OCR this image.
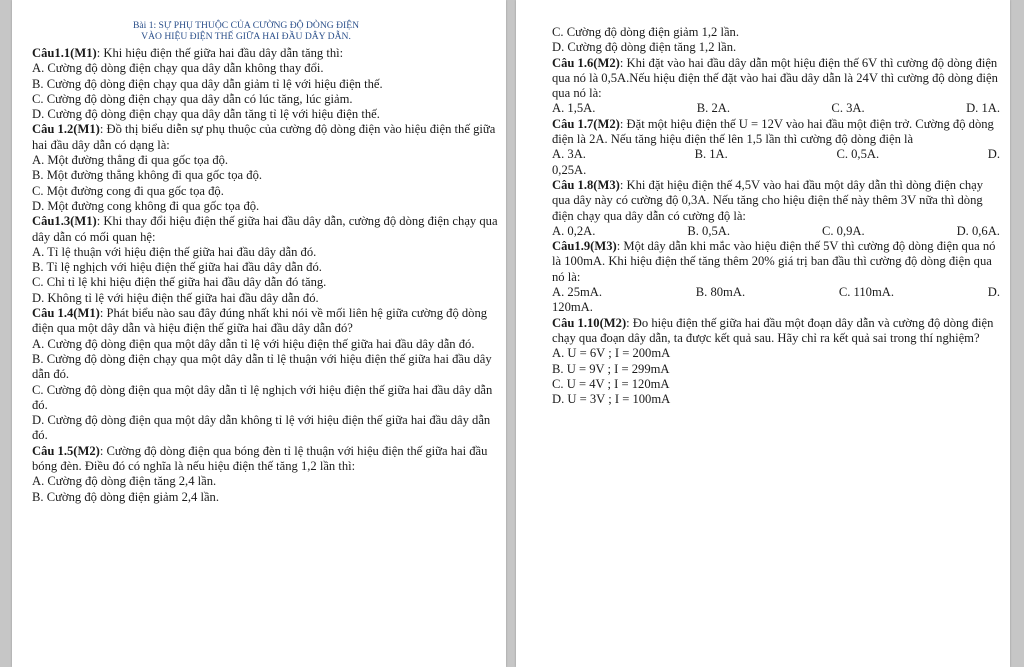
Bài 1: SỰ PHỤ THUỘC CỦA CƯỜNG ĐỘ DÒNG ĐIỆN
VÀO HIỆU ĐIỆN THẾ GIỮA HAI ĐẦU DÂY DẪN.

Câu1.1(M1): Khi hiệu điện thế giữa hai đầu dây dẫn tăng thì:

A. Cường độ dòng điện chạy qua dây dẫn không thay đổi.

B. Cường độ dòng điện chạy qua dây dẫn giảm tỉ lệ với hiệu điện thế.

C. Cường độ dòng điện chạy qua dây dẫn có lúc tăng, lúc giảm.

D. Cường độ dòng điện chạy qua dây dẫn tăng tỉ lệ với hiệu điện thế.

Câu 1.2(M1): Đồ thị biểu diễn sự phụ thuộc của cường độ dòng điện vào hiệu điện thế giữa hai đầu dây dẫn có dạng là:

A. Một đường thẳng đi qua gốc tọa độ.

B. Một đường thẳng không đi qua gốc tọa độ.

C. Một đường cong đi qua gốc tọa độ.

D. Một đường cong không đi qua gốc tọa độ.

Câu1.3(M1): Khi thay đổi hiệu điện thế giữa hai đầu dây dẫn, cường độ dòng điện chạy qua dây dẫn có mối quan hệ:

A. Tỉ lệ thuận với hiệu điện thế giữa hai đầu dây dẫn đó.

B. Tỉ lệ nghịch với hiệu điện thế giữa hai đầu dây dẫn đó.

C. Chỉ tỉ lệ khi hiệu điện thế giữa hai đầu dây dẫn đó tăng.

D. Không tỉ lệ với hiệu điện thế giữa hai đầu dây dẫn đó.

Câu 1.4(M1): Phát biểu nào sau đây đúng nhất khi nói về mối liên hệ giữa cường độ dòng điện qua một dây dẫn và hiệu điện thế giữa hai đầu dây dẫn đó?

A. Cường độ dòng điện qua một dây dẫn tỉ lệ với hiệu điện thế giữa hai đầu dây dẫn đó.

B. Cường độ dòng điện chạy qua một dây dẫn tỉ lệ thuận với hiệu điện thế giữa hai đầu dây dẫn đó.

C. Cường độ dòng điện qua một dây dẫn tỉ lệ nghịch với hiệu điện thế giữa hai đầu dây dẫn đó.

D. Cường độ dòng điện qua một dây dẫn không tỉ lệ với hiệu điện thế giữa hai đầu dây dẫn đó.

Câu 1.5(M2): Cường độ dòng điện qua bóng đèn tỉ lệ thuận với hiệu điện thế giữa hai đầu bóng đèn. Điều đó có nghĩa là nếu hiệu điện thế tăng 1,2 lần thì:

A. Cường độ dòng điện tăng 2,4 lần.

B. Cường độ dòng điện giảm 2,4 lần.

C. Cường độ dòng điện giảm 1,2 lần.

D. Cường độ dòng điện tăng 1,2 lần.

Câu 1.6(M2): Khi đặt vào hai đầu dây dẫn một hiệu điện thế 6V thì cường độ dòng điện qua nó là 0,5A.Nếu hiệu điện thế đặt vào hai đầu dây dẫn là 24V thì cường độ dòng điện qua nó là:

A. 1,5A.	B. 2A.	C. 3A.	D. 1A.

Câu 1.7(M2): Đặt một hiệu điện thế U = 12V vào hai đầu một điện trở. Cường độ dòng điện là 2A. Nếu tăng hiệu điện thế lên 1,5 lần thì cường độ dòng điện là

A. 3A.	B. 1A.	C. 0,5A.	D.

0,25A.

Câu 1.8(M3): Khi đặt hiệu điện thế 4,5V vào hai đầu một dây dẫn thì dòng điện chạy qua dây này có cường độ 0,3A. Nếu tăng cho hiệu điện thế này thêm 3V nữa thì dòng điện chạy qua dây dẫn có cường độ là:

A. 0,2A.	B. 0,5A.	C. 0,9A.	D. 0,6A.

Câu1.9(M3): Một dây dẫn khi mắc vào hiệu điện thế 5V thì cường độ dòng điện qua nó là 100mA. Khi hiệu điện thế tăng thêm 20% giá trị ban đầu thì cường độ dòng điện qua nó là:

A. 25mA.	B. 80mA.	C. 110mA.	D.

120mA.

Câu 1.10(M2): Đo hiệu điện thế giữa hai đầu một đoạn dây dẫn và cường độ dòng điện chạy qua đoạn dây dẫn, ta được kết quả sau. Hãy chỉ ra kết quả sai trong thí nghiệm?

A. U = 6V ; I = 200mA

B. U = 9V ; I = 299mA

C. U = 4V ; I = 120mA

D. U = 3V ; I = 100mA
